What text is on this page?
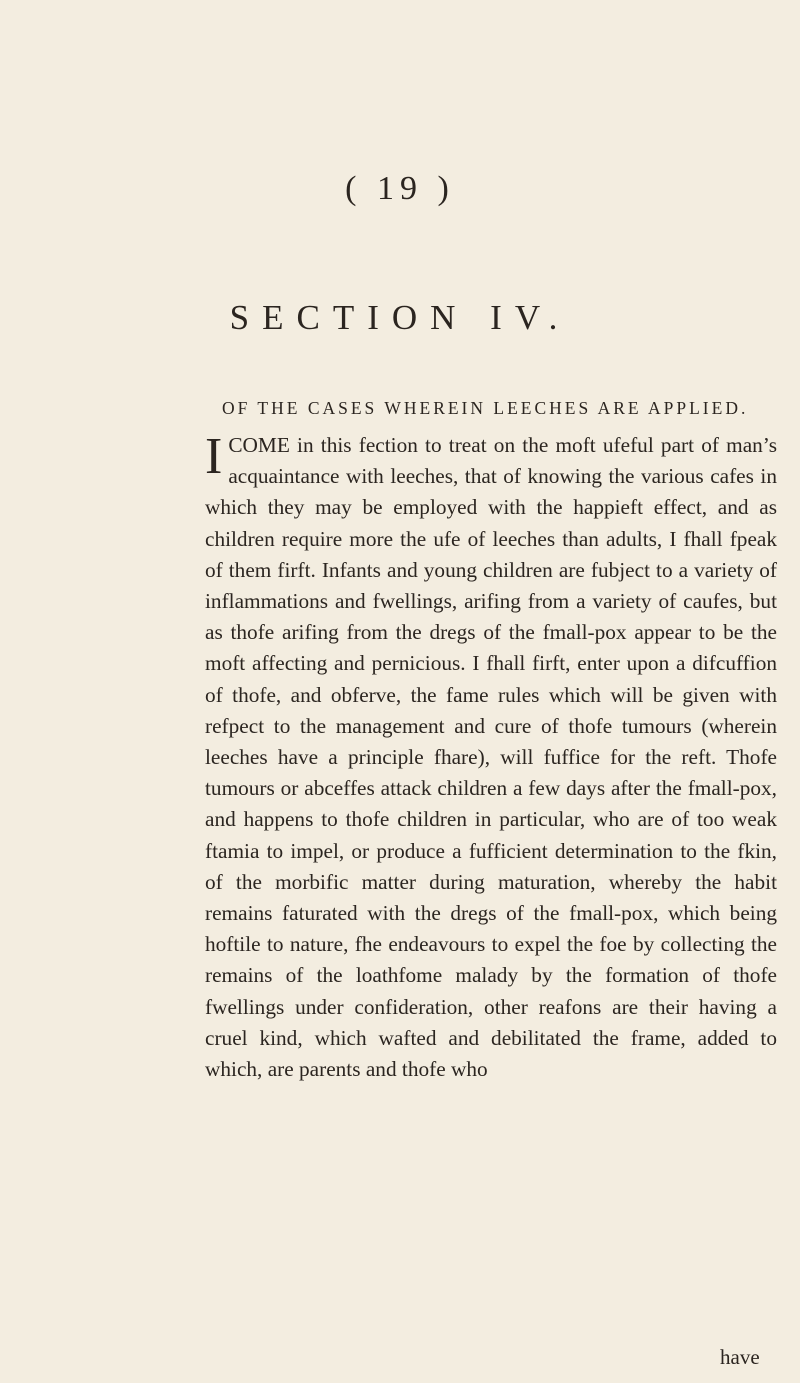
( 19 )
SECTION IV.
OF THE CASES WHEREIN LEECHES ARE APPLIED.
I COME in this fection to treat on the moft ufeful part of man’s acquaintance with leeches, that of knowing the various cafes in which they may be employed with the happieft effect, and as children require more the ufe of leeches than adults, I fhall fpeak of them firft. Infants and young children are fubject to a variety of inflammations and fwellings, arifing from a variety of caufes, but as thofe arifing from the dregs of the fmall-pox appear to be the moft affecting and pernicious. I fhall firft, enter upon a difcuffion of thofe, and obferve, the fame rules which will be given with refpect to the management and cure of thofe tumours (wherein leeches have a principle fhare), will fuffice for the reft. Thofe tumours or abceffes attack children a few days after the fmall-pox, and happens to thofe children in particular, who are of too weak ftamia to impel, or produce a fufficient determination to the fkin, of the morbific matter during maturation, whereby the habit remains faturated with the dregs of the fmall-pox, which being hoftile to nature, fhe endeavours to expel the foe by collecting the remains of the loathfome malady by the formation of thofe fwellings under confideration, other reafons are their having a cruel kind, which wafted and debilitated the frame, added to which, are parents and thofe who
have
